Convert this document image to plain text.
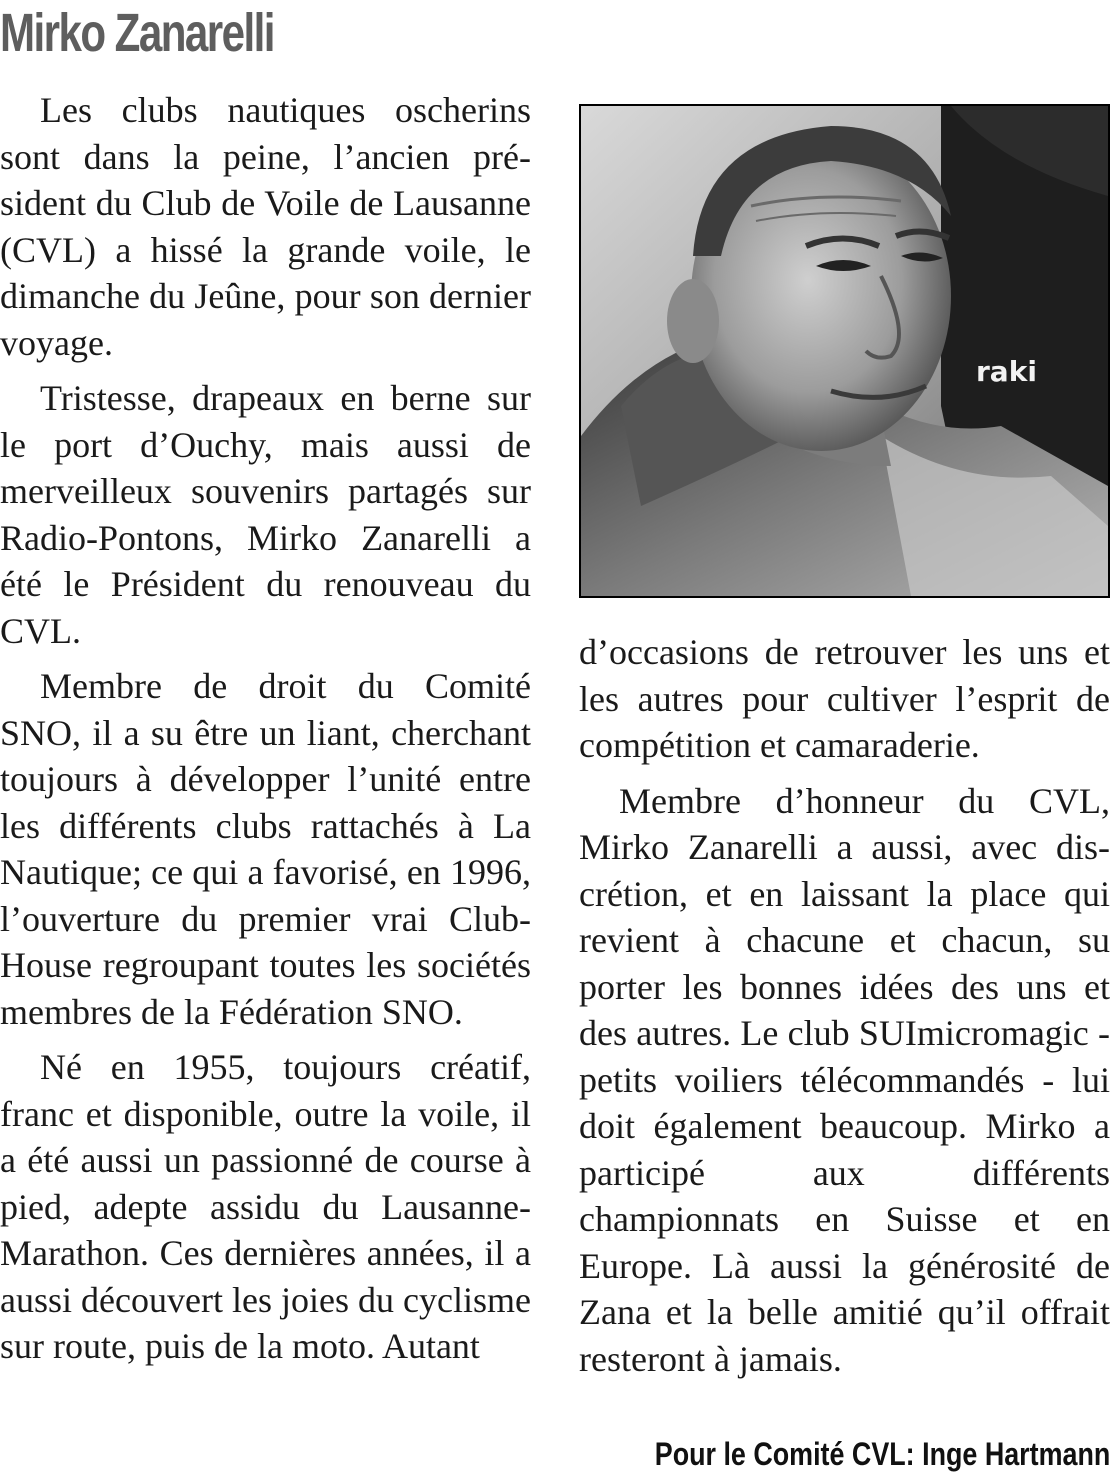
Mirko Zanarelli

Les clubs nautiques oscherins sont dans la peine, l’ancien président du Club de Voile de Lausanne (CVL) a hissé la grande voile, le dimanche du Jeûne, pour son dernier voyage.

Tristesse, drapeaux en berne sur le port d’Ouchy, mais aussi de merveilleux souvenirs partagés sur Radio-Pontons, Mirko Zanarelli a été le Président du renouveau du CVL.

Membre de droit du Comité SNO, il a su être un liant, cherchant toujours à développer l’unité entre les différents clubs rattachés à La Nautique; ce qui a favorisé, en 1996, l’ouverture du premier vrai Club-House regroupant toutes les sociétés membres de la Fédération SNO.

Né en 1955, toujours créatif, franc et disponible, outre la voile, il a été aussi un passionné de course à pied, adepte assidu du Lausanne-Marathon. Ces dernières années, il a aussi découvert les joies du cyclisme sur route, puis de la moto. Autant

raki

d’occasions de retrouver les uns et les autres pour cultiver l’esprit de compétition et camaraderie.

Membre d’honneur du CVL, Mirko Zanarelli a aussi, avec discrétion, et en laissant la place qui revient à chacune et chacun, su porter les bonnes idées des uns et des autres. Le club SUImicromagic - petits voiliers télécommandés - lui doit également beaucoup. Mirko a participé aux différents championnats en Suisse et en Europe. Là aussi la générosité de Zana et la belle amitié qu’il offrait resteront à jamais.

Pour le Comité CVL: Inge Hartmann
